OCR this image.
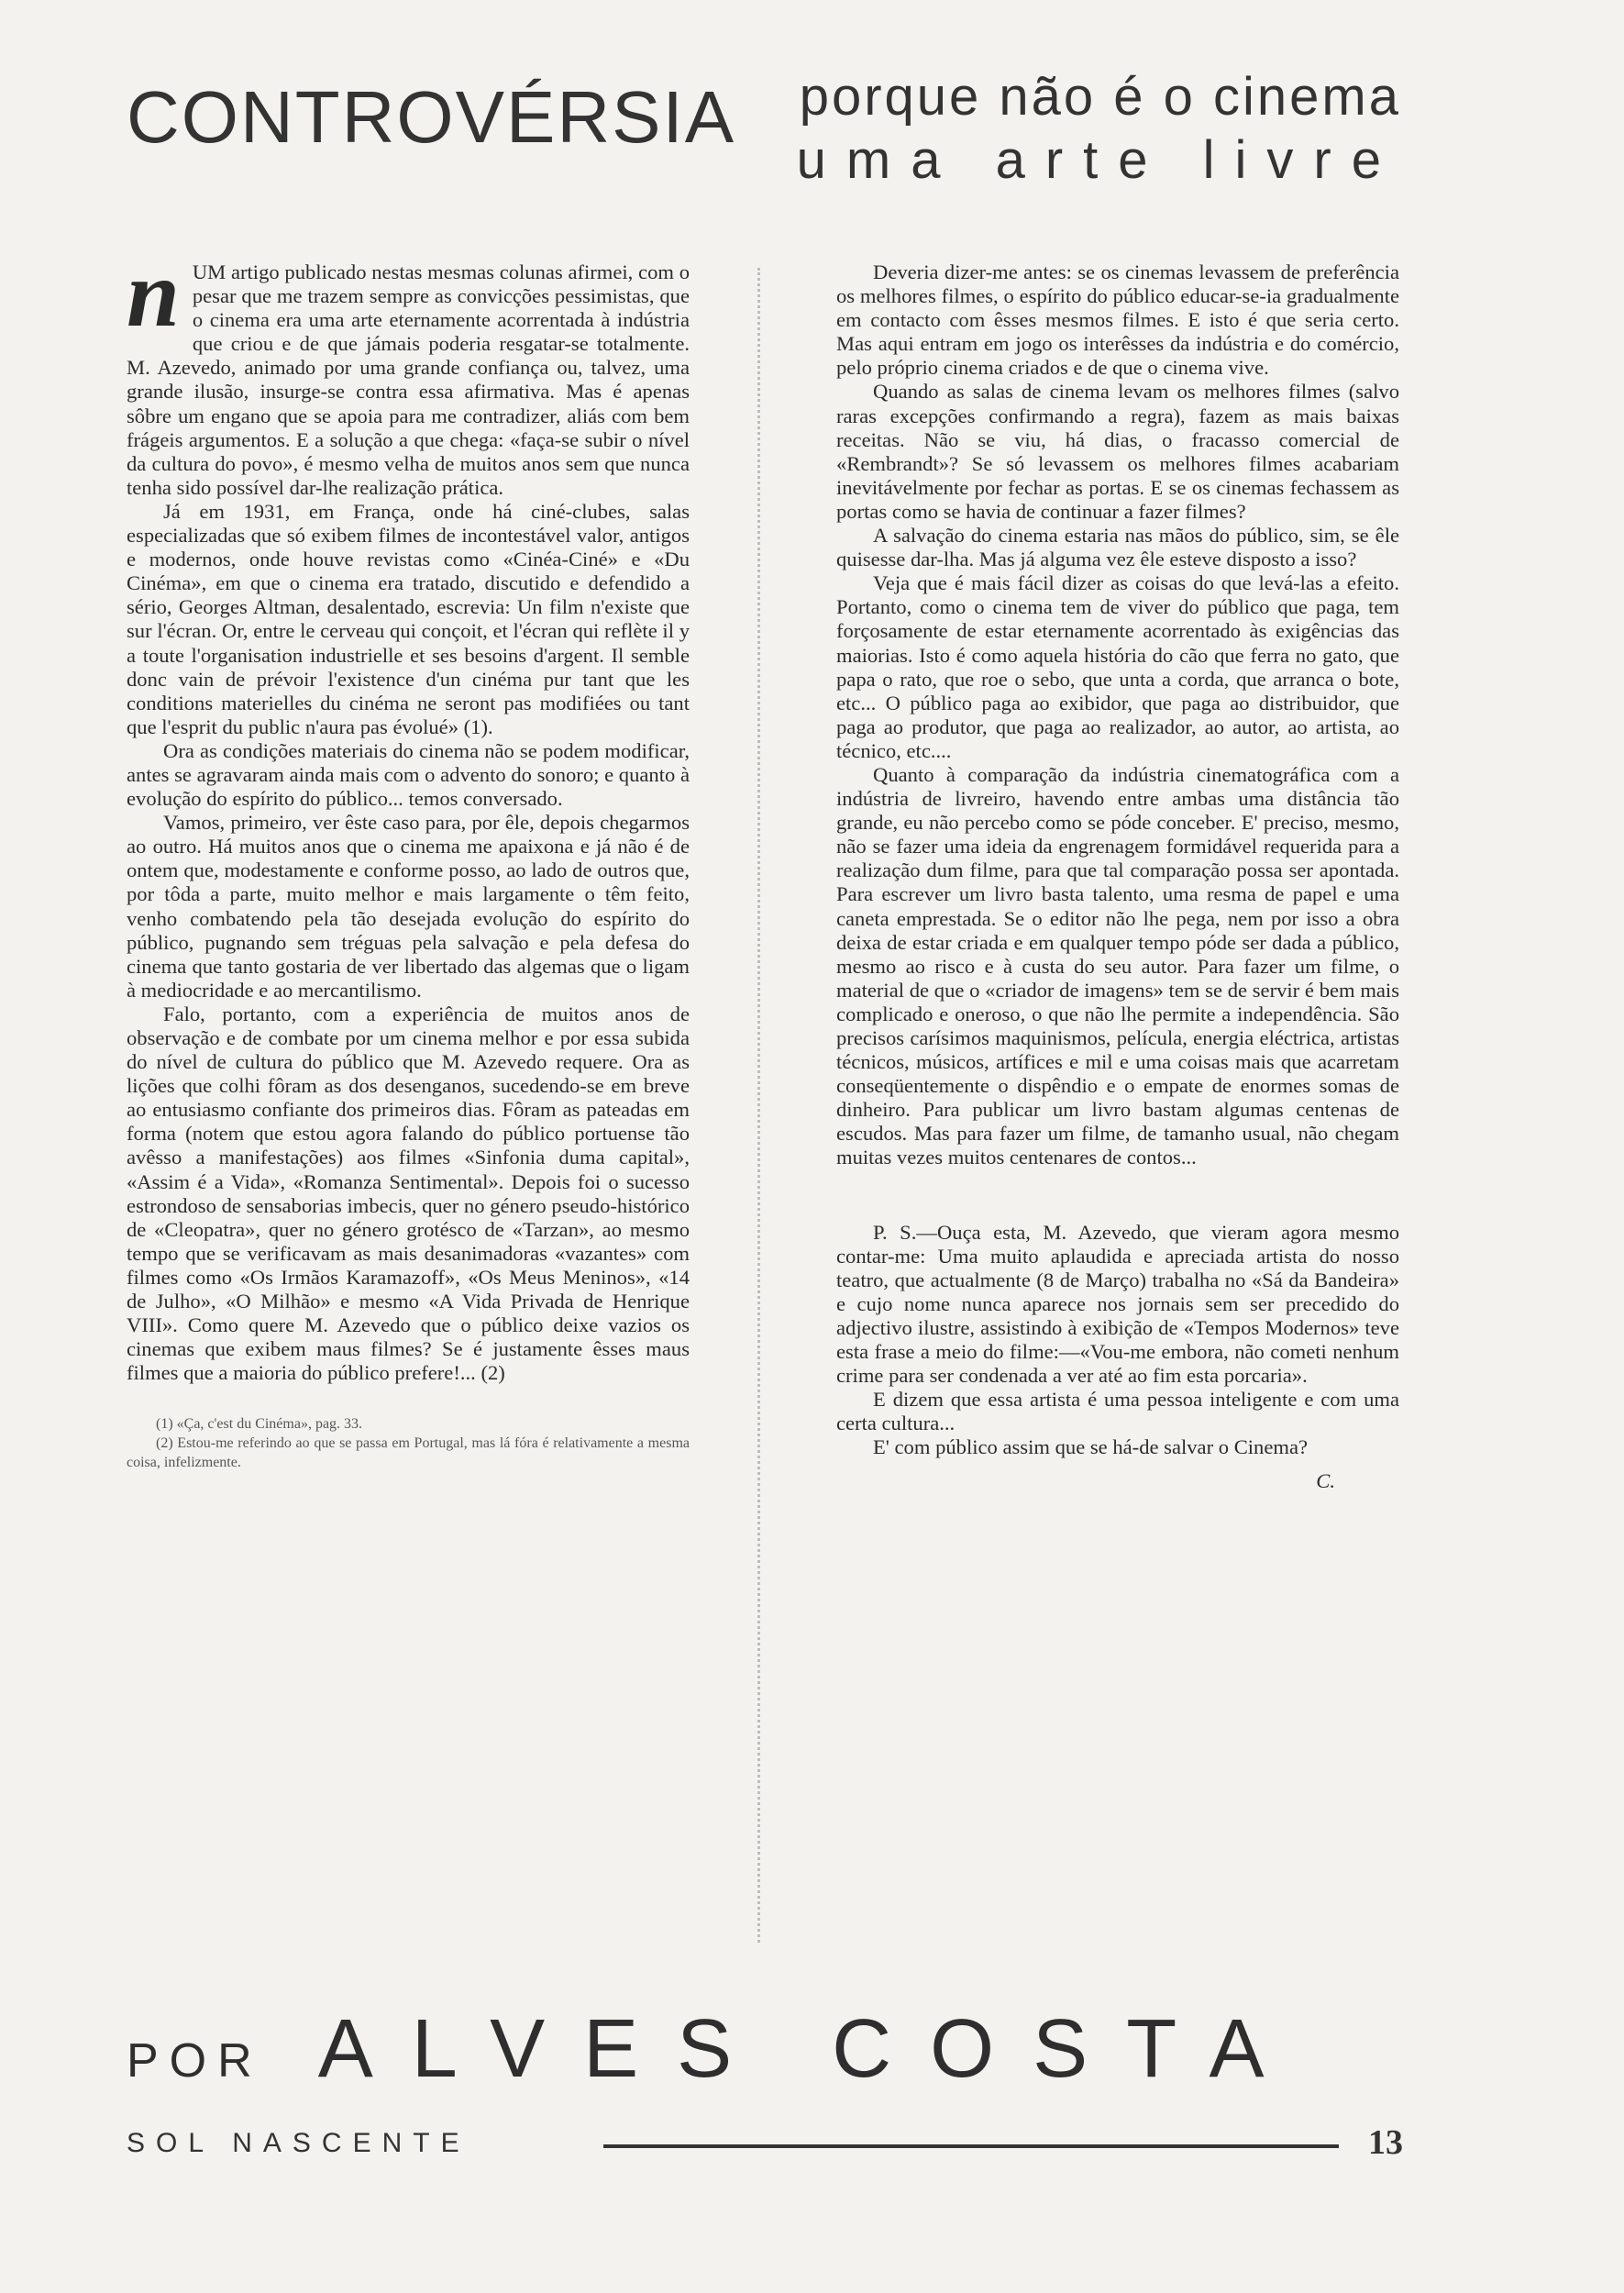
CONTROVÉRSIA porque não é o cinema
uma arte livre

nUM artigo publicado nestas mesmas colunas afirmei, com o pesar que me trazem sempre as convicções pessimistas, que o cinema era uma arte eternamente acorrentada à indústria que criou e de que jámais poderia resgatar-se totalmente. M. Azevedo, animado por uma grande confiança ou, talvez, uma grande ilusão, insurge-se contra essa afirmativa. Mas é apenas sôbre um engano que se apoia para me contradizer, aliás com bem frágeis argumentos. E a solução a que chega: «faça-se subir o nível da cultura do povo», é mesmo velha de muitos anos sem que nunca tenha sido possível dar-lhe realização prática.

Já em 1931, em França, onde há ciné-clubes, salas especializadas que só exibem filmes de incontestável valor, antigos e modernos, onde houve revistas como «Cinéa-Ciné» e «Du Cinéma», em que o cinema era tratado, discutido e defendido a sério, Georges Altman, desalentado, escrevia: Un film n'existe que sur l'écran. Or, entre le cerveau qui conçoit, et l'écran qui reflète il y a toute l'organisation industrielle et ses besoins d'argent. Il semble donc vain de prévoir l'existence d'un cinéma pur tant que les conditions materielles du cinéma ne seront pas modifiées ou tant que l'esprit du public n'aura pas évolué» (1).

Ora as condições materiais do cinema não se podem modificar, antes se agravaram ainda mais com o advento do sonoro; e quanto à evolução do espírito do público... temos conversado.

Vamos, primeiro, ver êste caso para, por êle, depois chegarmos ao outro. Há muitos anos que o cinema me apaixona e já não é de ontem que, modestamente e conforme posso, ao lado de outros que, por tôda a parte, muito melhor e mais largamente o têm feito, venho combatendo pela tão desejada evolução do espírito do público, pugnando sem tréguas pela salvação e pela defesa do cinema que tanto gostaria de ver libertado das algemas que o ligam à mediocridade e ao mercantilismo.

Falo, portanto, com a experiência de muitos anos de observação e de combate por um cinema melhor e por essa subida do nível de cultura do público que M. Azevedo requere. Ora as lições que colhi fôram as dos desenganos, sucedendo-se em breve ao entusiasmo confiante dos primeiros dias. Fôram as pateadas em forma (notem que estou agora falando do público portuense tão avêsso a manifestações) aos filmes «Sinfonia duma capital», «Assim é a Vida», «Romanza Sentimental». Depois foi o sucesso estrondoso de sensaborias imbecis, quer no género pseudo-histórico de «Cleopatra», quer no género grotésco de «Tarzan», ao mesmo tempo que se verificavam as mais desanimadoras «vazantes» com filmes como «Os Irmãos Karamazoff», «Os Meus Meninos», «14 de Julho», «O Milhão» e mesmo «A Vida Privada de Henrique VIII». Como quere M. Azevedo que o público deixe vazios os cinemas que exibem maus filmes? Se é justamente êsses maus filmes que a maioria do público prefere!... (2)

(1) «Ça, c'est du Cinéma», pag. 33.

(2) Estou-me referindo ao que se passa em Portugal, mas lá fóra é relativamente a mesma coisa, infelizmente.

Deveria dizer-me antes: se os cinemas levassem de preferência os melhores filmes, o espírito do público educar-se-ia gradualmente em contacto com êsses mesmos filmes. E isto é que seria certo. Mas aqui entram em jogo os interêsses da indústria e do comércio, pelo próprio cinema criados e de que o cinema vive.

Quando as salas de cinema levam os melhores filmes (salvo raras excepções confirmando a regra), fazem as mais baixas receitas. Não se viu, há dias, o fracasso comercial de «Rembrandt»? Se só levassem os melhores filmes acabariam inevitávelmente por fechar as portas. E se os cinemas fechassem as portas como se havia de continuar a fazer filmes?

A salvação do cinema estaria nas mãos do público, sim, se êle quisesse dar-lha. Mas já alguma vez êle esteve disposto a isso?

Veja que é mais fácil dizer as coisas do que levá-las a efeito. Portanto, como o cinema tem de viver do público que paga, tem forçosamente de estar eternamente acorrentado às exigências das maiorias. Isto é como aquela história do cão que ferra no gato, que papa o rato, que roe o sebo, que unta a corda, que arranca o bote, etc... O público paga ao exibidor, que paga ao distribuidor, que paga ao produtor, que paga ao realizador, ao autor, ao artista, ao técnico, etc....

Quanto à comparação da indústria cinematográfica com a indústria de livreiro, havendo entre ambas uma distância tão grande, eu não percebo como se póde conceber. E' preciso, mesmo, não se fazer uma ideia da engrenagem formidável requerida para a realização dum filme, para que tal comparação possa ser apontada. Para escrever um livro basta talento, uma resma de papel e uma caneta emprestada. Se o editor não lhe pega, nem por isso a obra deixa de estar criada e em qualquer tempo póde ser dada a público, mesmo ao risco e à custa do seu autor. Para fazer um filme, o material de que o «criador de imagens» tem se de servir é bem mais complicado e oneroso, o que não lhe permite a independência. São precisos carísimos maquinismos, película, energia eléctrica, artistas técnicos, músicos, artífices e mil e uma coisas mais que acarretam conseqüentemente o dispêndio e o empate de enormes somas de dinheiro. Para publicar um livro bastam algumas centenas de escudos. Mas para fazer um filme, de tamanho usual, não chegam muitas vezes muitos centenares de contos...

P. S.—Ouça esta, M. Azevedo, que vieram agora mesmo contar-me: Uma muito aplaudida e apreciada artista do nosso teatro, que actualmente (8 de Março) trabalha no «Sá da Bandeira» e cujo nome nunca aparece nos jornais sem ser precedido do adjectivo ilustre, assistindo à exibição de «Tempos Modernos» teve esta frase a meio do filme:—«Vou-me embora, não cometi nenhum crime para ser condenada a ver até ao fim esta porcaria».

E dizem que essa artista é uma pessoa inteligente e com uma certa cultura...

E' com público assim que se há-de salvar o Cinema?

C.

POR ALVES COSTA
SOL NASCENTE	13
